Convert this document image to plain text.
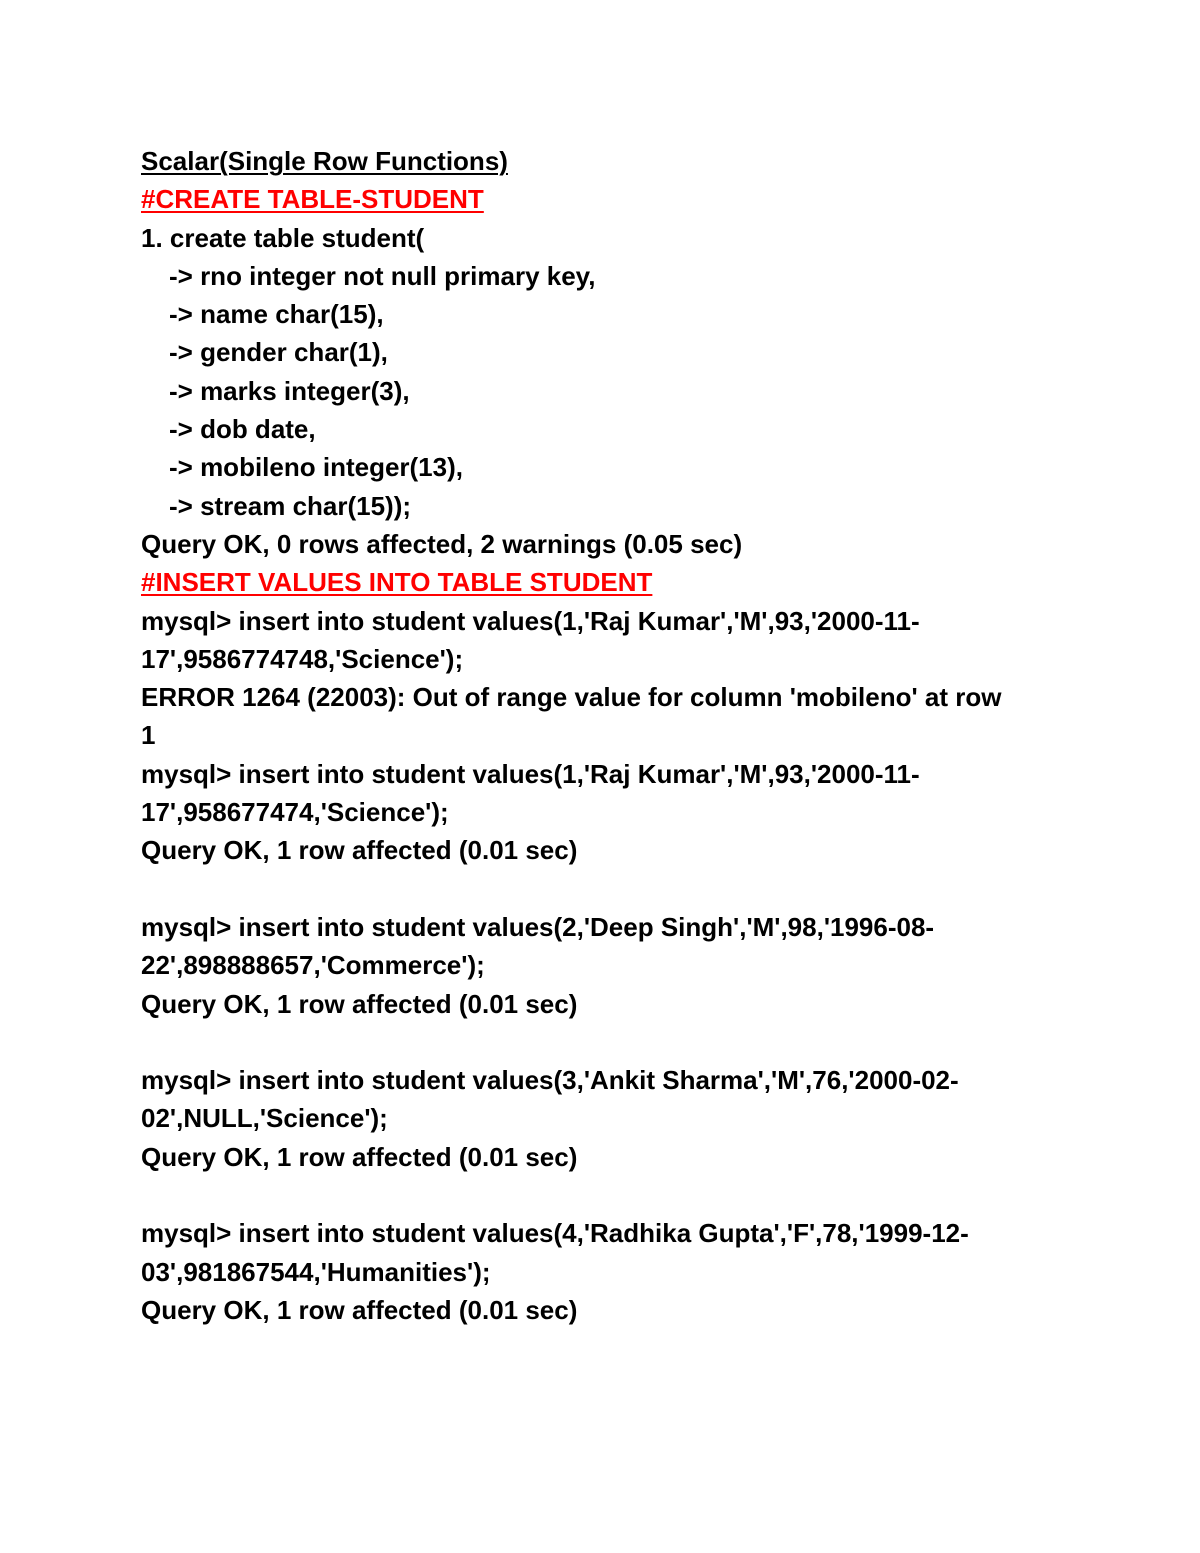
Scalar(Single Row Functions)
#CREATE TABLE-STUDENT
1. create table student(
-> rno integer not null primary key,
-> name char(15),
-> gender char(1),
-> marks integer(3),
-> dob date,
-> mobileno integer(13),
-> stream char(15));
Query OK, 0 rows affected, 2 warnings (0.05 sec)
#INSERT VALUES INTO TABLE STUDENT
mysql> insert into student values(1,'Raj Kumar','M',93,'2000-11-
17',9586774748,'Science');
ERROR 1264 (22003): Out of range value for column 'mobileno' at row
1
mysql> insert into student values(1,'Raj Kumar','M',93,'2000-11-
17',958677474,'Science');
Query OK, 1 row affected (0.01 sec)
mysql> insert into student values(2,'Deep Singh','M',98,'1996-08-
22',898888657,'Commerce');
Query OK, 1 row affected (0.01 sec)
mysql> insert into student values(3,'Ankit Sharma','M',76,'2000-02-
02',NULL,'Science');
Query OK, 1 row affected (0.01 sec)
mysql> insert into student values(4,'Radhika Gupta','F',78,'1999-12-
03',981867544,'Humanities');
Query OK, 1 row affected (0.01 sec)
